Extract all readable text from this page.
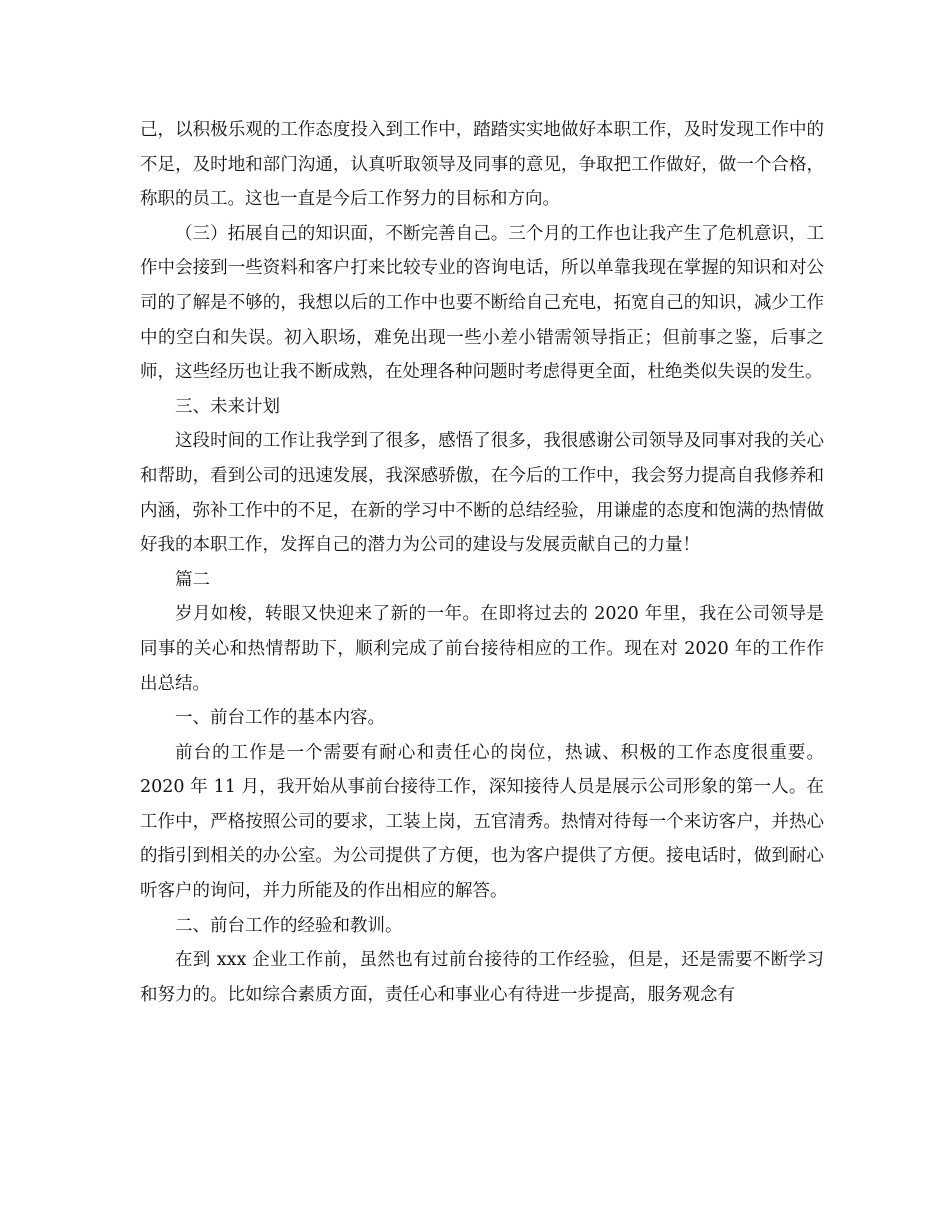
己，以积极乐观的工作态度投入到工作中，踏踏实实地做好本职工作，及时发现工作中的不足，及时地和部门沟通，认真听取领导及同事的意见，争取把工作做好，做一个合格，称职的员工。这也一直是今后工作努力的目标和方向。

（三）拓展自己的知识面，不断完善自己。三个月的工作也让我产生了危机意识，工作中会接到一些资料和客户打来比较专业的咨询电话，所以单靠我现在掌握的知识和对公司的了解是不够的，我想以后的工作中也要不断给自己充电，拓宽自己的知识，减少工作中的空白和失误。初入职场，难免出现一些小差小错需领导指正；但前事之鉴，后事之师，这些经历也让我不断成熟，在处理各种问题时考虑得更全面，杜绝类似失误的发生。

三、未来计划

这段时间的工作让我学到了很多，感悟了很多，我很感谢公司领导及同事对我的关心和帮助，看到公司的迅速发展，我深感骄傲，在今后的工作中，我会努力提高自我修养和内涵，弥补工作中的不足，在新的学习中不断的总结经验，用谦虚的态度和饱满的热情做好我的本职工作，发挥自己的潜力为公司的建设与发展贡献自己的力量！

篇二

岁月如梭，转眼又快迎来了新的一年。在即将过去的 2020 年里，我在公司领导是同事的关心和热情帮助下，顺利完成了前台接待相应的工作。现在对 2020 年的工作作出总结。

一、前台工作的基本内容。

前台的工作是一个需要有耐心和责任心的岗位，热诚、积极的工作态度很重要。2020 年 11 月，我开始从事前台接待工作，深知接待人员是展示公司形象的第一人。在工作中，严格按照公司的要求，工装上岗，五官清秀。热情对待每一个来访客户，并热心的指引到相关的办公室。为公司提供了方便，也为客户提供了方便。接电话时，做到耐心听客户的询问，并力所能及的作出相应的解答。

二、前台工作的经验和教训。

在到 xxx 企业工作前，虽然也有过前台接待的工作经验，但是，还是需要不断学习和努力的。比如综合素质方面，责任心和事业心有待进一步提高，服务观念有
